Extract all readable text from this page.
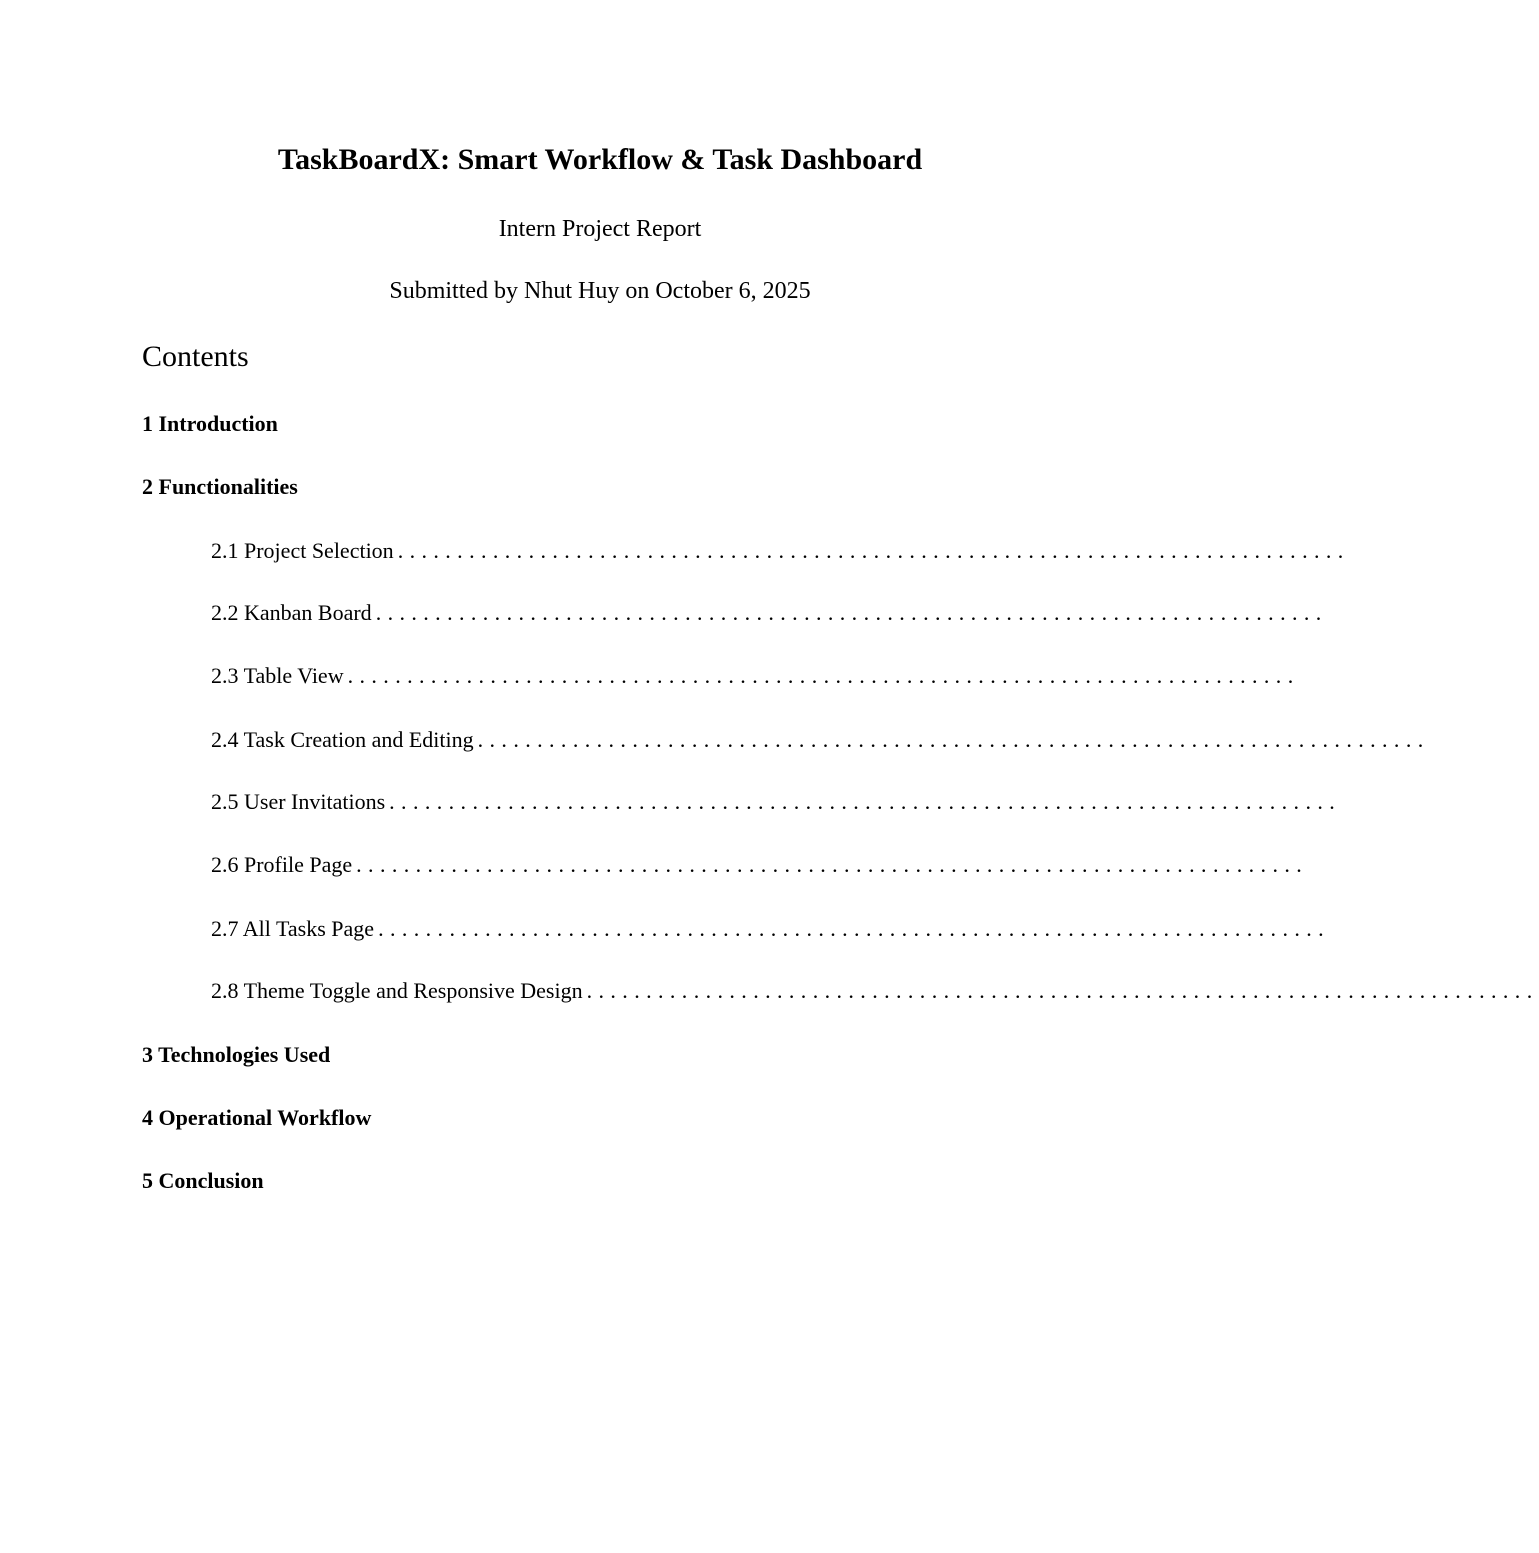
TaskBoardX: Smart Workflow & Task Dashboard
Intern Project Report
Submitted by Nhut Huy on October 6, 2025
Contents
1 Introduction
2 Functionalities
2.1 Project Selection ................................................................................
2.2 Kanban Board ................................................................................
2.3 Table View ................................................................................
2.4 Task Creation and Editing ................................................................................
2.5 User Invitations ................................................................................
2.6 Profile Page ................................................................................
2.7 All Tasks Page ................................................................................
2.8 Theme Toggle and Responsive Design ................................................................................
3 Technologies Used
4 Operational Workflow
5 Conclusion
